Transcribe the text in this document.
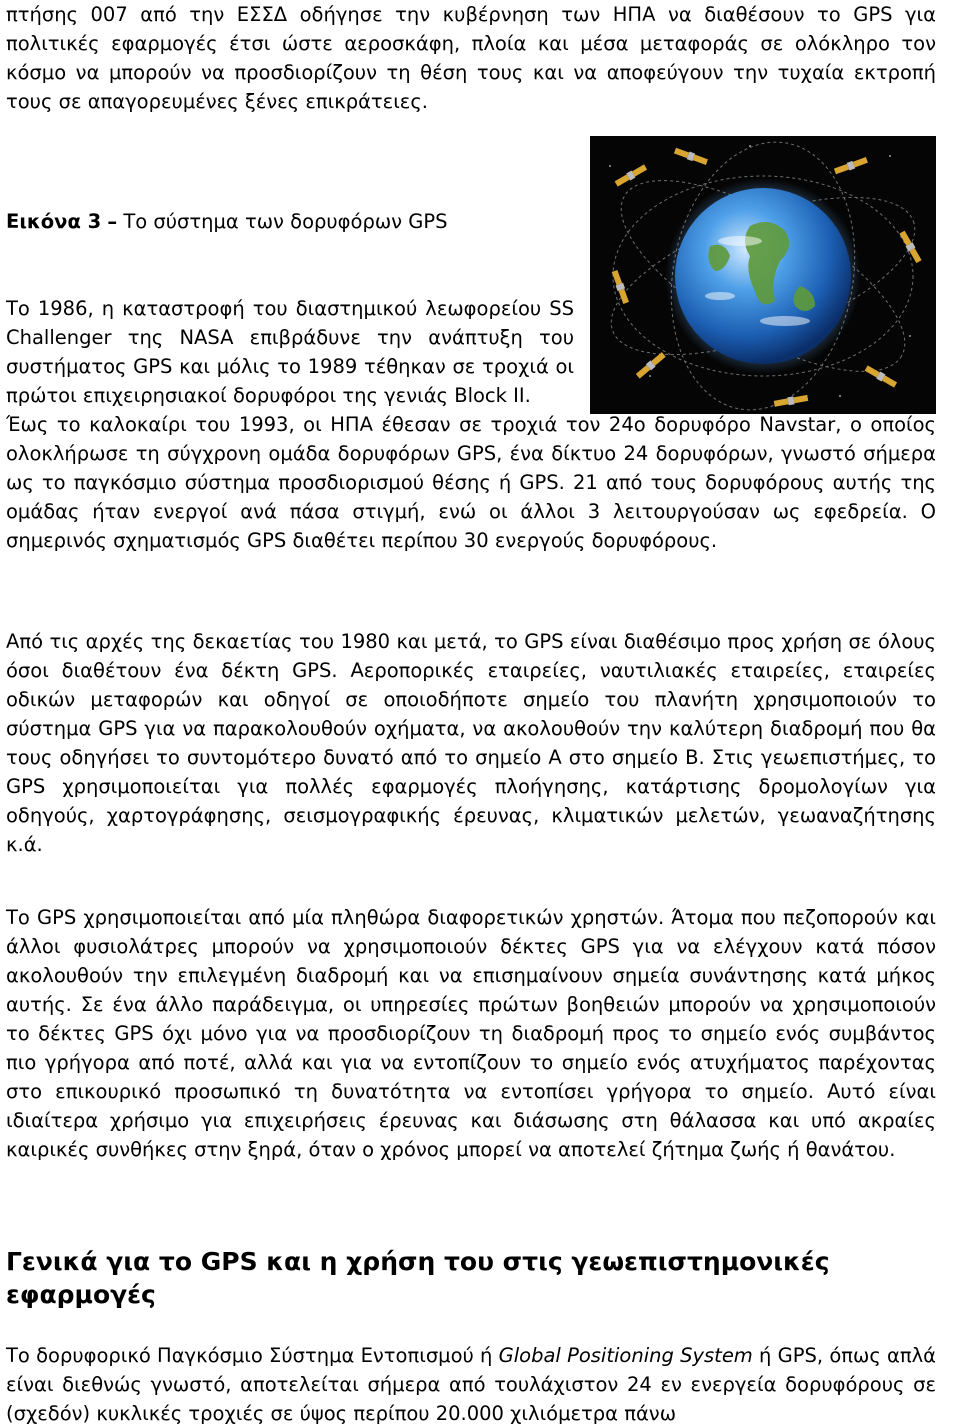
πτήσης 007 από την ΕΣΣΔ οδήγησε την κυβέρνηση των ΗΠΑ να διαθέσουν το GPS για πολιτικές εφαρμογές έτσι ώστε αεροσκάφη, πλοία και μέσα μεταφοράς σε ολόκληρο τον κόσμο να μπορούν να προσδιορίζουν τη θέση τους και να αποφεύγουν την τυχαία εκτροπή τους σε απαγορευμένες ξένες επικράτειες.

Εικόνα 3 – Το σύστημα των δορυφόρων GPS

Το 1986, η καταστροφή του διαστημικού λεωφορείου SS Challenger της NASA επιβράδυνε την ανάπτυξη του συστήματος GPS και μόλις το 1989 τέθηκαν σε τροχιά οι πρώτοι επιχειρησιακοί δορυφόροι της γενιάς Block II.

Έως το καλοκαίρι του 1993, οι ΗΠΑ έθεσαν σε τροχιά τον 24ο δορυφόρο Navstar, ο οποίος ολοκλήρωσε τη σύγχρονη ομάδα δορυφόρων GPS, ένα δίκτυο 24 δορυφόρων, γνωστό σήμερα ως το παγκόσμιο σύστημα προσδιορισμού θέσης ή GPS. 21 από τους δορυφόρους αυτής της ομάδας ήταν ενεργοί ανά πάσα στιγμή, ενώ οι άλλοι 3 λειτουργούσαν ως εφεδρεία. Ο σημερινός σχηματισμός GPS διαθέτει περίπου 30 ενεργούς δορυφόρους.

Από τις αρχές της δεκαετίας του 1980 και μετά, το GPS είναι διαθέσιμο προς χρήση σε όλους όσοι διαθέτουν ένα δέκτη GPS. Αεροπορικές εταιρείες, ναυτιλιακές εταιρείες, εταιρείες οδικών μεταφορών και οδηγοί σε οποιοδήποτε σημείο του πλανήτη χρησιμοποιούν το σύστημα GPS για να παρακολουθούν οχήματα, να ακολουθούν την καλύτερη διαδρομή που θα τους οδηγήσει το συντομότερο δυνατό από το σημείο Α στο σημείο Β. Στις γεωεπιστήμες, το GPS χρησιμοποιείται για πολλές εφαρμογές πλοήγησης, κατάρτισης δρομολογίων για οδηγούς, χαρτογράφησης, σεισμογραφικής έρευνας, κλιματικών μελετών, γεωαναζήτησης κ.ά.

Το GPS χρησιμοποιείται από μία πληθώρα διαφορετικών χρηστών. Άτομα που πεζοπορούν και άλλοι φυσιολάτρες μπορούν να χρησιμοποιούν δέκτες GPS για να ελέγχουν κατά πόσον ακολουθούν την επιλεγμένη διαδρομή και να επισημαίνουν σημεία συνάντησης κατά μήκος αυτής. Σε ένα άλλο παράδειγμα, οι υπηρεσίες πρώτων βοηθειών μπορούν να χρησιμοποιούν το δέκτες GPS όχι μόνο για να προσδιορίζουν τη διαδρομή προς το σημείο ενός συμβάντος πιο γρήγορα από ποτέ, αλλά και για να εντοπίζουν το σημείο ενός ατυχήματος παρέχοντας στο επικουρικό προσωπικό τη δυνατότητα να εντοπίσει γρήγορα το σημείο. Αυτό είναι ιδιαίτερα χρήσιμο για επιχειρήσεις έρευνας και διάσωσης στη θάλασσα και υπό ακραίες καιρικές συνθήκες στην ξηρά, όταν ο χρόνος μπορεί να αποτελεί ζήτημα ζωής ή θανάτου.

Γενικά για το GPS και η χρήση του στις γεωεπιστημονικές εφαρμογές

Το δορυφορικό Παγκόσμιο Σύστημα Εντοπισμού ή Global Positioning System ή GPS, όπως απλά είναι διεθνώς γνωστό, αποτελείται σήμερα από τουλάχιστον 24 εν ενεργεία δορυφόρους σε (σχεδόν) κυκλικές τροχιές σε ύψος περίπου 20.000 χιλιόμετρα πάνω
